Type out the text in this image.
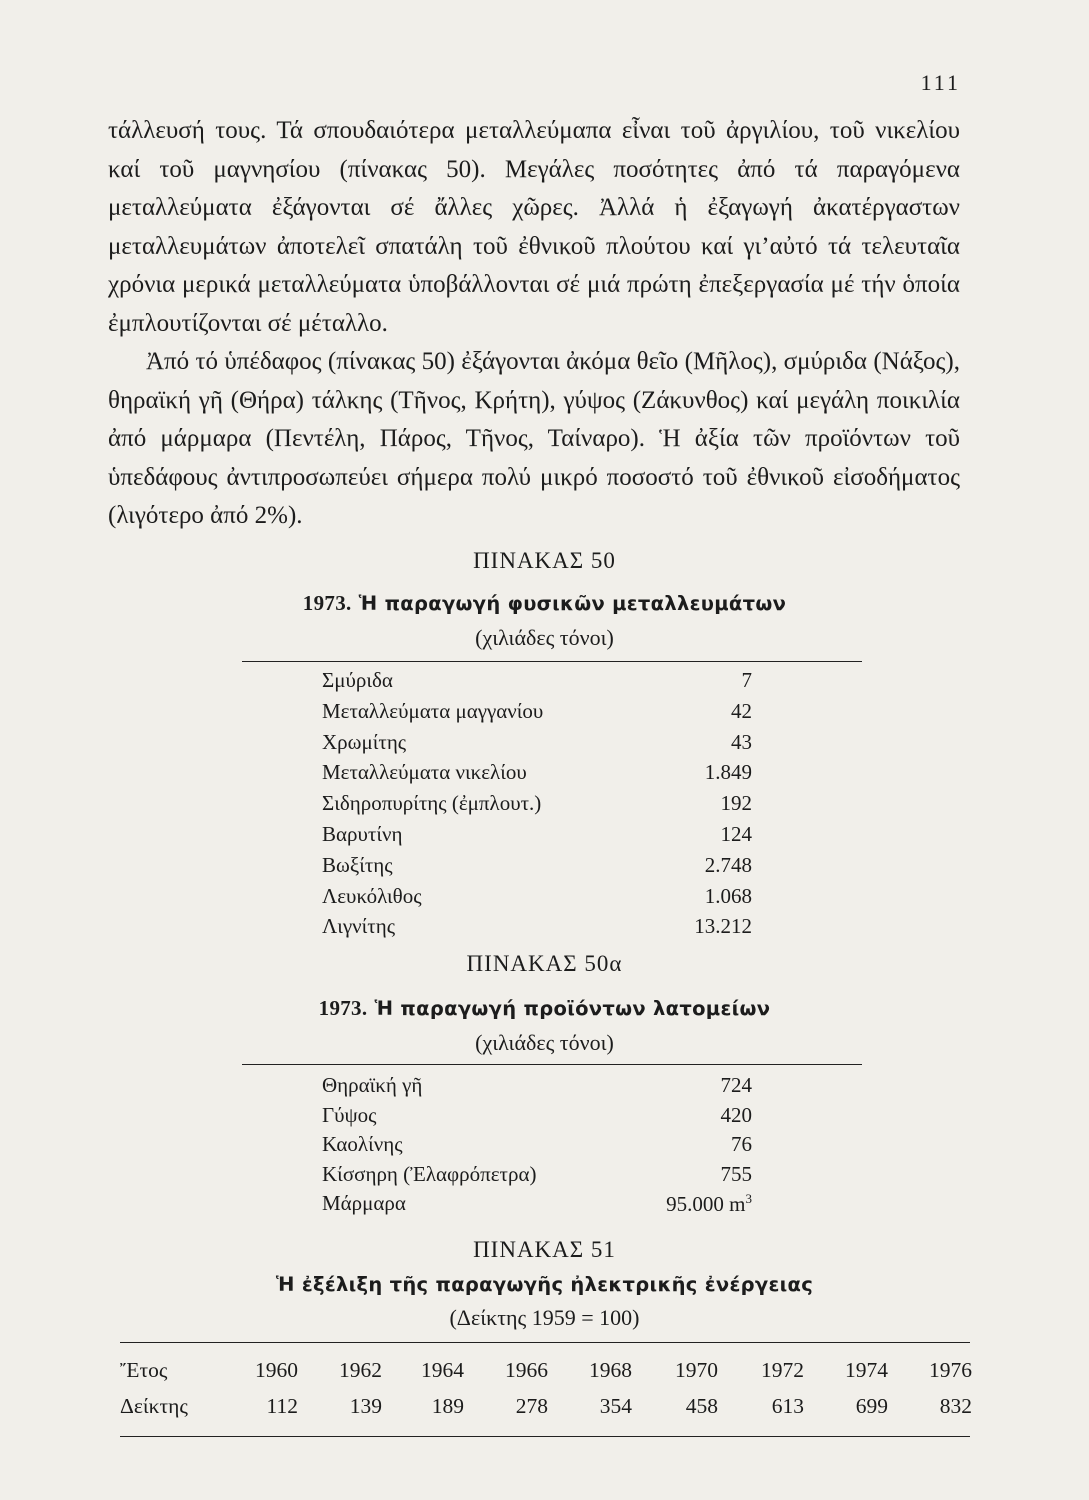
111

τάλλευσή τους. Τά σπουδαιότερα μεταλλεύμαπα εἶναι τοῦ ἀργιλίου, τοῦ νικελίου καί τοῦ μαγνησίου (πίνακας 50). Μεγάλες ποσότητες ἀπό τά παραγόμενα μεταλλεύματα ἐξάγονται σέ ἄλλες χῶρες. Ἀλλά ἡ ἐξαγωγή ἀκατέργαστων μεταλλευμάτων ἀποτελεῖ σπατάλη τοῦ ἐθνικοῦ πλούτου καί γι’αὐτό τά τελευταῖα χρόνια μερικά μεταλλεύματα ὑποβάλλονται σέ μιά πρώτη ἐπεξεργασία μέ τήν ὁποία ἐμπλουτίζονται σέ μέταλλο.

Ἀπό τό ὑπέδαφος (πίνακας 50) ἐξάγονται ἀκόμα θεῖο (Μῆλος), σμύριδα (Νάξος), θηραϊκή γῆ (Θήρα) τάλκης (Τῆνος, Κρήτη), γύψος (Ζάκυνθος) καί μεγάλη ποικιλία ἀπό μάρμαρα (Πεντέλη, Πάρος, Τῆνος, Ταίναρο). Ἡ ἀξία τῶν προϊόντων τοῦ ὑπεδάφους ἀντιπροσωπεύει σήμερα πολύ μικρό ποσοστό τοῦ ἐθνικοῦ εἰσοδήματος (λιγότερο ἀπό 2%).

ΠΙΝΑΚΑΣ 50
1973. Ἡ παραγωγή φυσικῶν μεταλλευμάτων
(χιλιάδες τόνοι)
Σμύριδα	7
Μεταλλεύματα μαγγανίου	42
Χρωμίτης	43
Μεταλλεύματα νικελίου	1.849
Σιδηροπυρίτης (ἐμπλουτ.)	192
Βαρυτίνη	124
Βωξίτης	2.748
Λευκόλιθος	1.068
Λιγνίτης	13.212
ΠΙΝΑΚΑΣ 50α
1973. Ἡ παραγωγή προϊόντων λατομείων
(χιλιάδες τόνοι)
Θηραϊκή γῆ	724
Γύψος	420
Καολίνης	76
Κίσσηρη (Ἐλαφρόπετρα)	755
Μάρμαρα	95.000 $m^3$
ΠΙΝΑΚΑΣ 51
Ἡ ἐξέλιξη τῆς παραγωγῆς ἠλεκτρικῆς ἐνέργειας
(Δείκτης 1959 = 100)
Ἔτος	1960	1962	1964	1966	1968	1970	1972	1974	1976
Δείκτης	112	139	189	278	354	458	613	699	832
